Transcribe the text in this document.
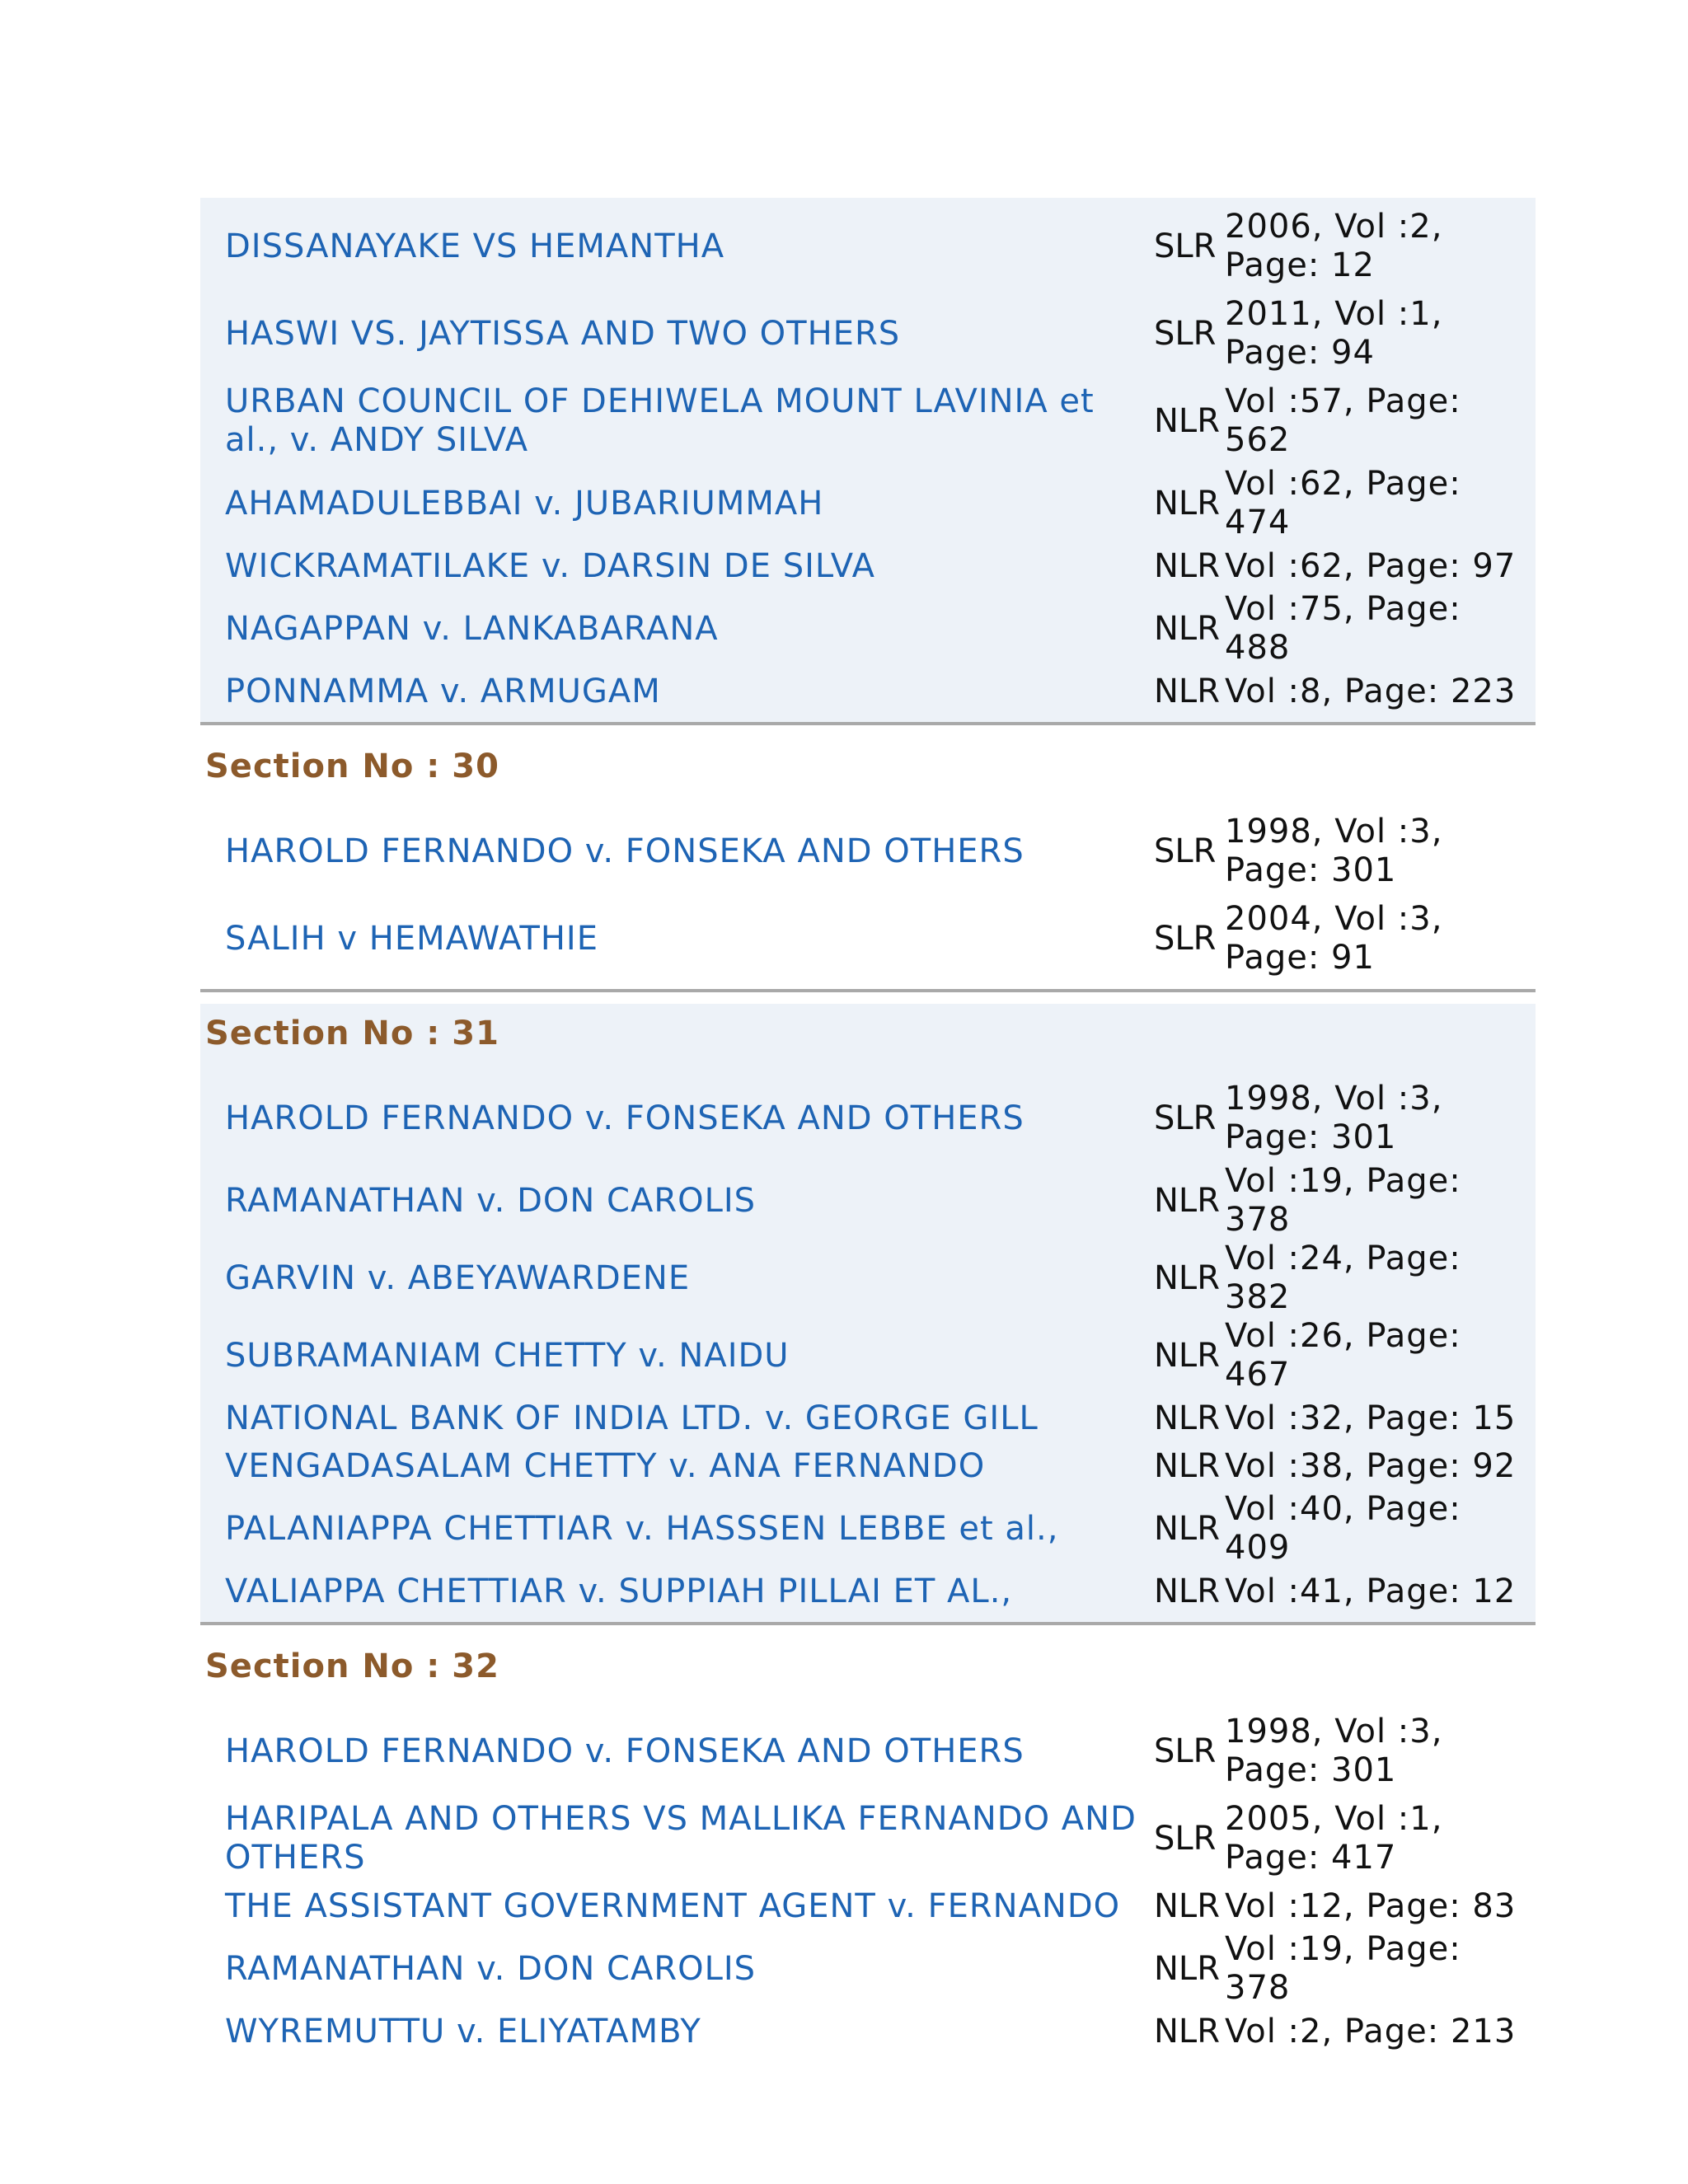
DISSANAYAKE VS HEMANTHA	SLR	2006, Vol :2, Page: 12
HASWI VS. JAYTISSA AND TWO OTHERS	SLR	2011, Vol :1, Page: 94
URBAN COUNCIL OF DEHIWELA MOUNT LAVINIA et al., v. ANDY SILVA	NLR	Vol :57, Page: 562
AHAMADULEBBAI v. JUBARIUMMAH	NLR	Vol :62, Page: 474
WICKRAMATILAKE v. DARSIN DE SILVA	NLR	Vol :62, Page: 97
NAGAPPAN v. LANKABARANA	NLR	Vol :75, Page: 488
PONNAMMA v. ARMUGAM	NLR	Vol :8, Page: 223
Section No : 30
HAROLD FERNANDO v. FONSEKA AND OTHERS	SLR	1998, Vol :3, Page: 301
SALIH v HEMAWATHIE	SLR	2004, Vol :3, Page: 91
Section No : 31
HAROLD FERNANDO v. FONSEKA AND OTHERS	SLR	1998, Vol :3, Page: 301
RAMANATHAN v. DON CAROLIS	NLR	Vol :19, Page: 378
GARVIN v. ABEYAWARDENE	NLR	Vol :24, Page: 382
SUBRAMANIAM CHETTY v. NAIDU	NLR	Vol :26, Page: 467
NATIONAL BANK OF INDIA LTD. v. GEORGE GILL	NLR	Vol :32, Page: 15
VENGADASALAM CHETTY v. ANA FERNANDO	NLR	Vol :38, Page: 92
PALANIAPPA CHETTIAR v. HASSSEN LEBBE et al.,	NLR	Vol :40, Page: 409
VALIAPPA CHETTIAR v. SUPPIAH PILLAI ET AL.,	NLR	Vol :41, Page: 12
Section No : 32
HAROLD FERNANDO v. FONSEKA AND OTHERS	SLR	1998, Vol :3, Page: 301
HARIPALA AND OTHERS VS MALLIKA FERNANDO AND OTHERS	SLR	2005, Vol :1, Page: 417
THE ASSISTANT GOVERNMENT AGENT v. FERNANDO	NLR	Vol :12, Page: 83
RAMANATHAN v. DON CAROLIS	NLR	Vol :19, Page: 378
WYREMUTTU v. ELIYATAMBY	NLR	Vol :2, Page: 213
